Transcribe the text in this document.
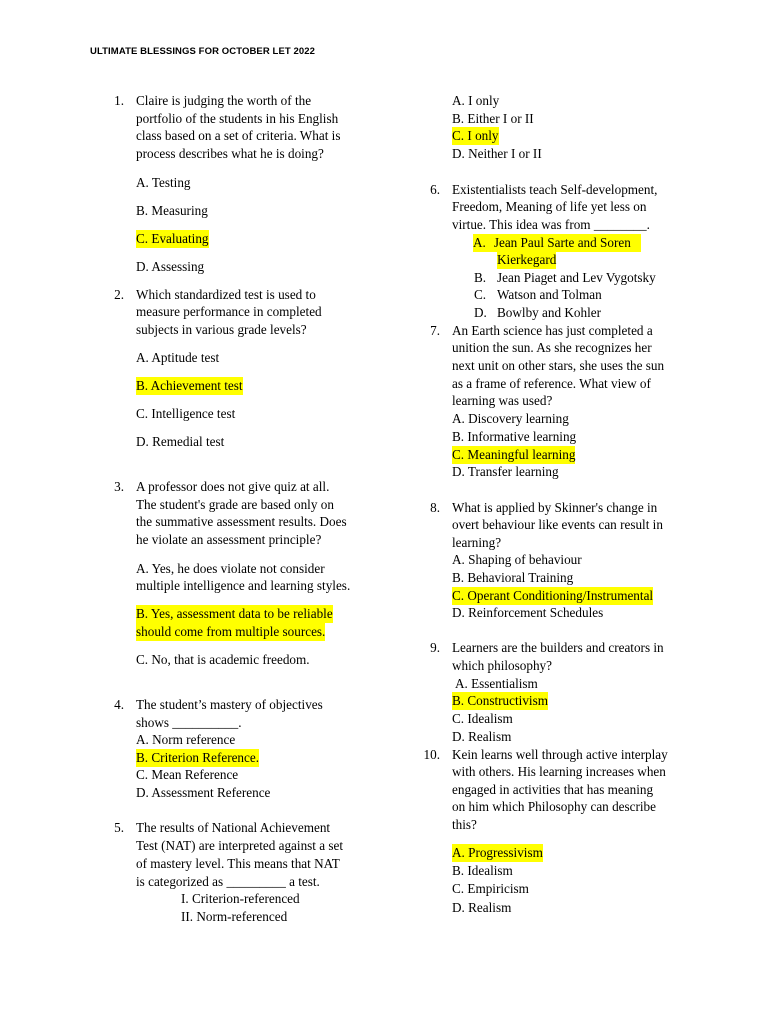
ULTIMATE BLESSINGS FOR OCTOBER LET 2022
1. Claire is judging the worth of the
portfolio of the students in his English
class based on a set of criteria. What is
process describes what he is doing?
A. Testing
B. Measuring
C. Evaluating
D. Assessing
2. Which standardized test is used to
measure performance in completed
subjects in various grade levels?
A. Aptitude test
B. Achievement test
C. Intelligence test
D. Remedial test
3. A professor does not give quiz at all.
The student's grade are based only on
the summative assessment results. Does
he violate an assessment principle?
A. Yes, he does violate not consider
multiple intelligence and learning styles.
B. Yes, assessment data to be reliable
should come from multiple sources.
C. No, that is academic freedom.
4. The student’s mastery of objectives
shows __________.
A. Norm reference
B. Criterion Reference.
C. Mean Reference
D. Assessment Reference
5. The results of National Achievement
Test (NAT) are interpreted against a set
of mastery level. This means that NAT
is categorized as _________ a test.
I. Criterion-referenced
II. Norm-referenced
A. I only
B. Either I or II
C. I only
D. Neither I or II
6. Existentialists teach Self-development,
Freedom, Meaning of life yet less on
virtue. This idea was from ________.
A. Jean Paul Sarte and Soren
Kierkegard
B. Jean Piaget and Lev Vygotsky
C. Watson and Tolman
D. Bowlby and Kohler
7. An Earth science has just completed a
unition the sun. As she recognizes her
next unit on other stars, she uses the sun
as a frame of reference. What view of
learning was used?
A. Discovery learning
B. Informative learning
C. Meaningful learning
D. Transfer learning
8. What is applied by Skinner's change in
overt behaviour like events can result in
learning?
A. Shaping of behaviour
B. Behavioral Training
C. Operant Conditioning/Instrumental
D. Reinforcement Schedules
9. Learners are the builders and creators in
which philosophy?
A. Essentialism
B. Constructivism
C. Idealism
D. Realism
10. Kein learns well through active interplay
with others. His learning increases when
engaged in activities that has meaning
on him which Philosophy can describe
this?
A. Progressivism
B. Idealism
C. Empiricism
D. Realism
